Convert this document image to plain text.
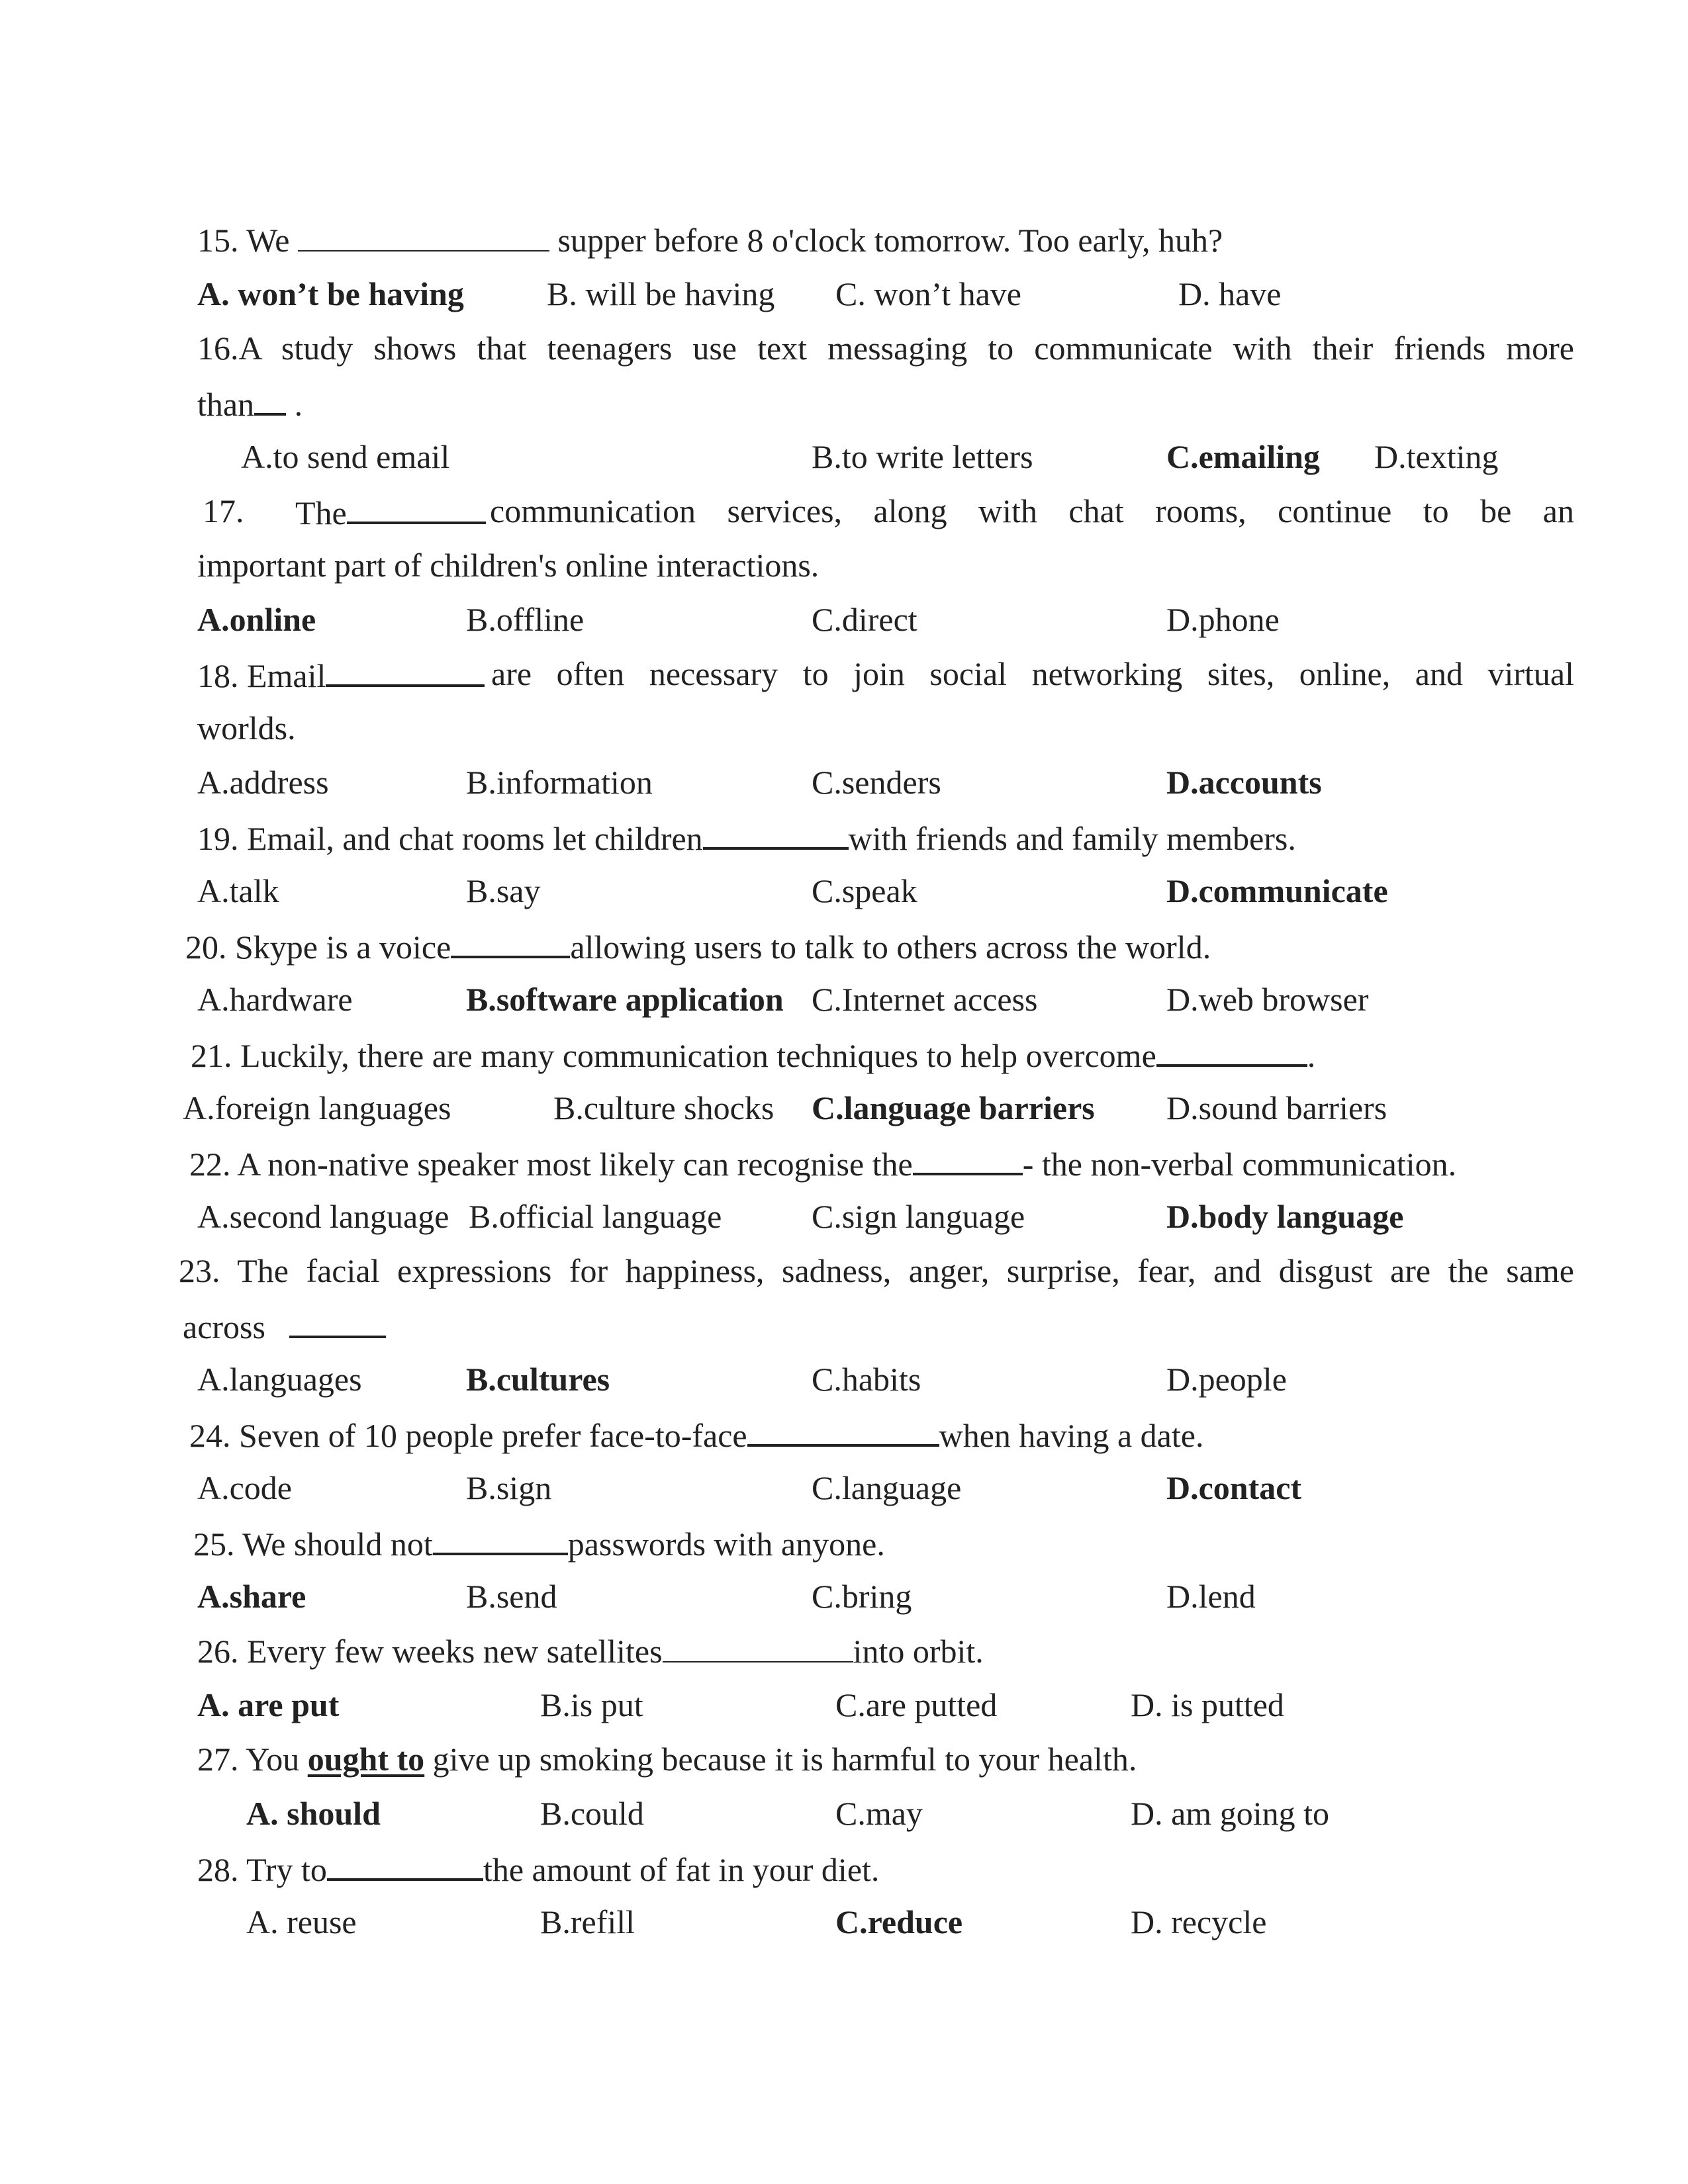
15. We	supper before 8 o'clock tomorrow. Too early, huh?
A. won’t be having	B. will be having C. won’t have	D. have
16.A study shows that teenagers use text messaging to communicate with their friends more
than .
A.to send email	B.to write letters	C.emailing D.texting
17. The	communication services, along with chat rooms, continue to be an
important part of children's online interactions.
A.online	B.offline	C.direct	D.phone
18. Email	are often necessary to join social networking sites, online, and virtual
worlds.
A.address	B.information	C.senders	D.accounts
19. Email, and chat rooms let children	with friends and family members.
A.talk	B.say	C.speak	D.communicate
20. Skype is a voice	allowing users to talk to others across the world.
A.hardware	B.software application C.Internet access	D.web browser
21. Luckily, there are many communication techniques to help overcome	.
A.foreign languages	B.culture shocks C.language barriers D.sound barriers
22. A non-native speaker most likely can recognise the	- the non-verbal communication.
A.second language B.official language	C.sign language	D.body language
23. The facial expressions for happiness, sadness, anger, surprise, fear, and disgust are the same
across
A.languages	B.cultures	C.habits	D.people
24. Seven of 10 people prefer face-to-face	when having a date.
A.code	B.sign	C.language	D.contact
25. We should not	passwords with anyone.
A.share	B.send	C.bring	D.lend
26. Every few weeks new satellites	into orbit.
A. are put	B.is put	C.are putted	D. is putted
27. You ought to give up smoking because it is harmful to your health.
A. should	B.could	C.may	D. am going to
28. Try to	the amount of fat in your diet.
A. reuse	B.refill	C.reduce	D. recycle
